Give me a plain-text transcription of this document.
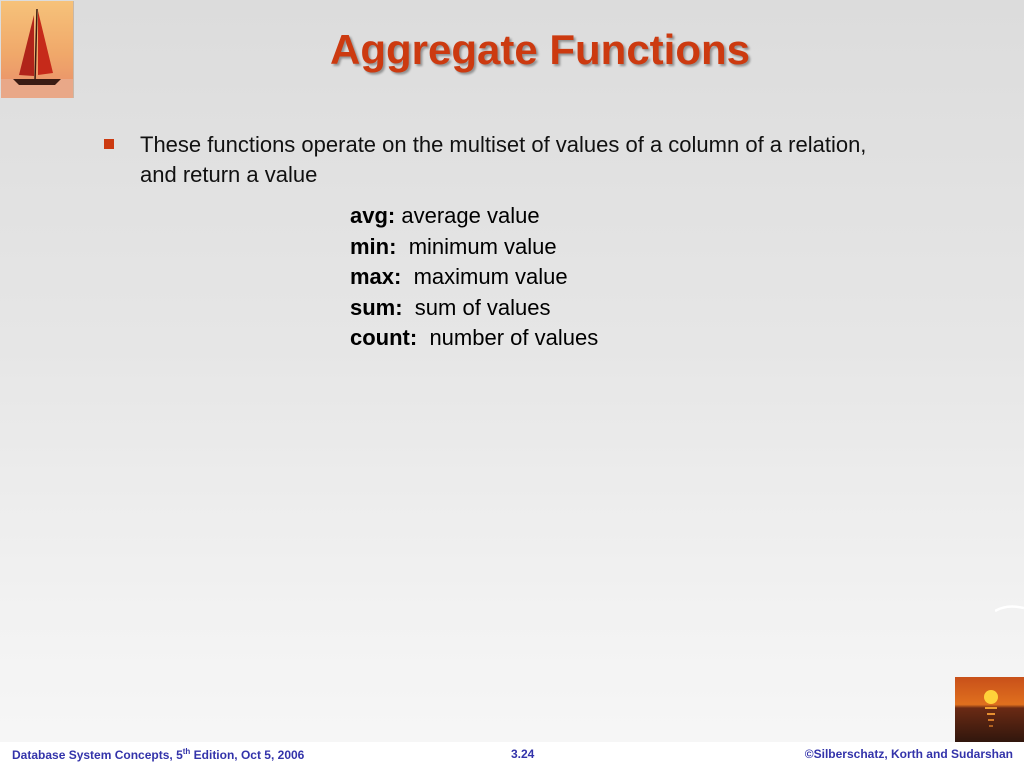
Aggregate Functions
These functions operate on the multiset of values of a column of a relation, and return a value
avg: average value
min:  minimum value
max:  maximum value
sum:  sum of values
count:  number of values
Database System Concepts, 5th Edition, Oct 5, 2006	3.24	©Silberschatz, Korth and Sudarshan
